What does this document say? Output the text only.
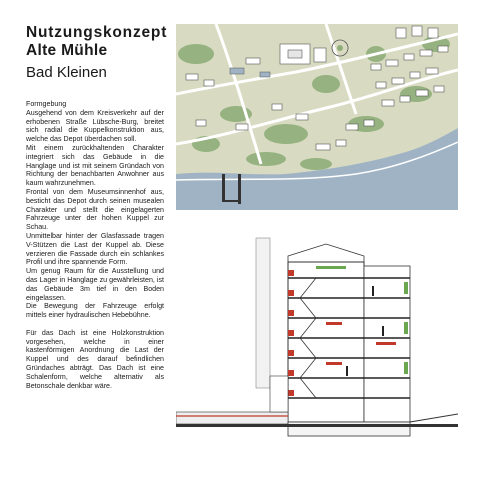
Nutzungskonzept
Alte Mühle
Bad Kleinen

Formgebung

Ausgehend von dem Kreisverkehr auf der erhobenen Straße Lübsche-Burg, breitet sich radial die Kuppelkonstruktion aus, welche das Depot überdachen soll.

Mit einem zurückhaltenden Charakter integriert sich das Gebäude in die Hanglage und ist mit seinem Gründach von Richtung der benachbarten Anwohner aus kaum wahrzunehmen.

Frontal von dem Museumsinnenhof aus, besticht das Depot durch seinen musealen Charakter und stellt die eingelagerten Fahrzeuge unter der hohen Kuppel zur Schau.

Unmittelbar hinter der Glasfassade tragen V-Stützen die Last der Kuppel ab. Diese verzieren die Fassade durch ein schlankes Profil und ihre spannende Form.

Um genug Raum für die Ausstellung und das Lager in Hanglage zu gewährleisten, ist das Gebäude 3m tief in den Boden eingelassen.

Die Bewegung der Fahrzeuge erfolgt mittels einer hydraulischen Hebebühne.

Für das Dach ist eine Holzkonstruktion vorgesehen, welche in einer kastenförmigen Anordnung die Last der Kuppel und des darauf befindlichen Gründaches abträgt. Das Dach ist eine Schalenform, welche alternativ als Betonschale denkbar wäre.
